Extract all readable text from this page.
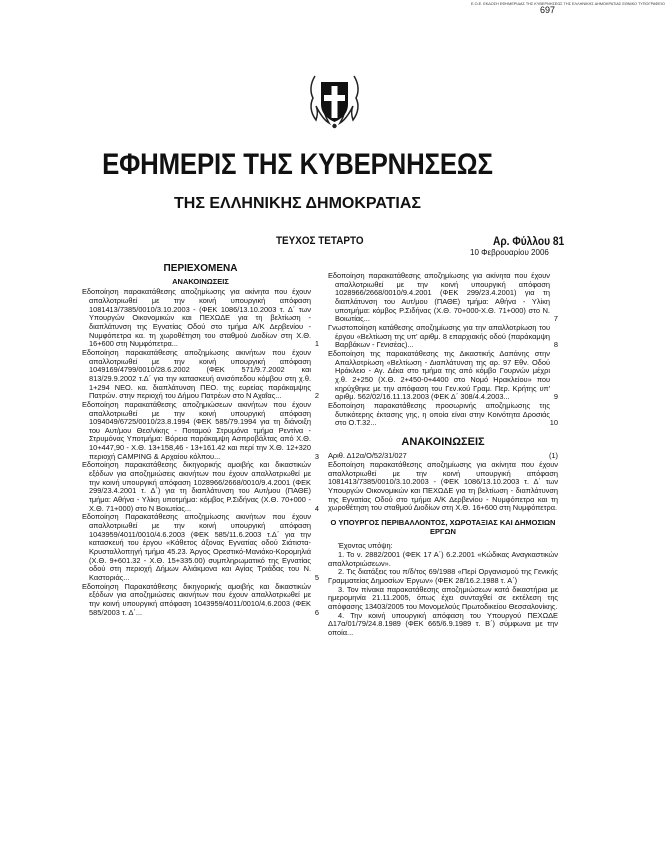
697
Ε.Ο.Ε. ΕΚΔΟΣΗ ΕΦΗΜΕΡΙΔΑΣ ΤΗΣ ΚΥΒΕΡΝΗΣΕΩΣ ΤΗΣ ΕΛΛΗΝΙΚΗΣ ΔΗΜΟΚΡΑΤΙΑΣ ΕΘΝΙΚΟ ΤΥΠΟΓΡΑΦΕΙΟ
ΕΦΗΜΕΡΙΣ ΤΗΣ ΚΥΒΕΡΝΗΣΕΩΣ
ΤΗΣ ΕΛΛΗΝΙΚΗΣ ΔΗΜΟΚΡΑΤΙΑΣ
ΤΕΥΧΟΣ ΤΕΤΑΡΤΟ	Αρ. Φύλλου 81
10 Φεβρουαρίου 2006
ΠΕΡΙΕΧΟΜΕΝΑ
ΑΝΑΚΟΙΝΩΣΕΙΣ

Εδοποίηση παρακατάθεσης αποζημίωσης για ακίνητα που έχουν απαλλοτριωθεί με την κοινή υπουργική απόφαση 1081413/7385/0010/3.10.2003 - (ΦΕΚ 1086/13.10.2003 τ. Δ΄ των Υπουργών Οικονομικών και ΠΕΧΩΔΕ για τη βελτίωση - διαπλάτυνση της Εγνατίας Οδού στο τμήμα Α/Κ Δερβενίου - Νυμφόπετρα κα. τη χωροθέτηση του σταθμού Διοδίων στη Χ.Θ. 16+600 στη Νυμφόπετρα...	1

Εδοποίηση παρακατάθεσης αποζημίωσης ακινήτων που έχουν απαλλοτριωθεί με την κοινή υπουργική απόφαση 1049169/4799/0010/28.6.2002 (ΦΕΚ 571/9.7.2002 και 813/29.9.2002 τ.Δ΄ για την κατασκευή ανισόπεδου κόμβου στη χ.θ. 1+294 ΝΕΟ. κα. διαπλάτυνση ΠΕΟ. της ευρείας παράκαμψης Πατρών. στην περιοχή του Δήμου Πατρέων στο Ν Αχαΐας...	2

Εδοποίηση παρακατάθεσης αποζημιώσεων ακινήτων που έχουν απαλλοτριωθεί με την κοινή υπουργική απόφαση 1094049/6725/0010/23.8.1994 (ΦΕΚ 585/79.1994 για τη διάνοιξη του Αυτ/μου Θεσ/νίκης - Ποταμού Στρυμόνα τμήμα Ρεντίνα - Στρυμόνας Υποτμήμα: Βόρεια παράκαμψη Ασπροβάλτας από Χ.Θ. 10+447,90 - Χ.Θ. 13+158,46 - 13+161.42 και περί την Χ.Θ. 12+320 περιοχή CAMPING & Αρχαίου κόλπου...	3

Εδοποίηση παρακατάθεσης δικηγορικής αμοιβής και δικαστικών εξόδων για αποζημιώσεις ακινήτων που έχουν απαλλοτριωθεί με την κοινή υπουργική απόφαση 1028966/2668/0010/9.4.2001 (ΦΕΚ 299/23.4.2001 τ. Δ΄) για τη διαπλάτυνση του Αυτ/μου (ΠΑΘΕ) τμήμα: Αθήνα - Υλίκη υποτμήμα: κόμβος Ρ.Σιδήνας (Χ.Θ. 70+000 - Χ.Θ. 71+000) στο Ν Βοιωτίας...	4

Εδοποίηση Παρακατάθεσης αποζημίωσης ακινήτων που έχουν απαλλοτριωθεί με την κοινή υπουργική απόφαση 1043959/4011/0010/4.6.2003 (ΦΕΚ 585/11.6.2003 τ.Δ΄ για την κατασκευή του έργου «Κάθετος άξονας Εγνατίας οδού Σιάτιστα-Κρυσταλλοπηγή τμήμα 45.23. Άργος Ορεστικό-Μανιάκο-Κορομηλιά (Χ.Θ. 9+601.32 - Χ.Θ. 15+335.00) συμπληρωματικό της Εγνατίας οδού στη περιοχή Δήμων Αλιάκμονα και Αγίας Τριάδας του Ν. Καστοριάς...	5

Εδοποίηση Παρακατάθεσης δικηγορικής αμοιβής και δικαστικών εξόδων για αποζημιώσεις ακινήτων που έχουν απαλλοτριωθεί με την κοινή υπουργική απόφαση 1043959/4011/0010/4.6.2003 (ΦΕΚ 585/2003 τ. Δ΄...	6

Εδοποίηση παρακατάθεσης αποζημίωσης για ακίνητα που έχουν απαλλοτριωθεί με την κοινή υπουργική απόφαση 1028966/2668/0010/9.4.2001 (ΦΕΚ 299/23.4.2001) για τη διαπλάτυνση του Αυτ/μου (ΠΑΘΕ) τμήμα: Αθήνα - Υλίκη υποτμήμα: κόμβος Ρ.Σιδήνας (Χ.Θ. 70+000-Χ.Θ. 71+000) στο Ν. Βοιωτίας...	7

Γνωστοποίηση κατάθεσης αποζημίωσης για την απαλλοτρίωση του έργου «Βελτίωση της υπ' αριθμ. 8 επαρχιακής οδού (παράκαμψη Βαρβάκων - Γενισέας)...	8

Εδοποίηση της παρακατάθεσης της Δικαστικής Δαπάνης στην Απαλλοτρίωση «Βελτίωση - Διαπλάτυνση της αρ. 97 Εθν. Οδού Ηράκλειο - Αγ. Δέκα στο τμήμα της από κόμβο Γουρνών μέχρι χ.θ. 2+250 (Χ.Θ. 2+450-0+4400 στο Νομό Ηρακλείου» που κηρύχθηκε με την απόφαση του Γεν.κού Γραμ. Περ. Κρήτης υπ' αριθμ. 562/02/16.11.13.2003 (ΦΕΚ Δ΄ 308/4.4.2003...	9

Εδοποίηση παρακατάθεσης προσωρινής αποζημίωσης της δυτικότερης έκτασης γης, η οποία είναι στην Κοινότητα Δροσιάς στο Ο.Τ.32...	10

ΑΝΑΚΟΙΝΩΣΕΙΣ
Αριθ. Δ12α/Ο/52/31/027	(1)

Εδοποίηση παρακατάθεσης αποζημίωσης για ακίνητα που έχουν απαλλοτριωθεί με την κοινή υπουργική απόφαση 1081413/7385/0010/3.10.2003 - (ΦΕΚ 1086/13.10.2003 τ. Δ΄ των Υπουργών Οικονομικών και ΠΕΧΩΔΕ για τη βελτίωση - διαπλάτυνση της Εγνατίας Οδού στο τμήμα Α/Κ Δερβενίου - Νυμφόπετρα και τη χωροθέτηση του σταθμού Διοδίων στη Χ.Θ. 16+600 στη Νυμφόπετρα.

Ο ΥΠΟΥΡΓΟΣ ΠΕΡΙΒΑΛΛΟΝΤΟΣ, ΧΩΡΟΤΑΞΙΑΣ ΚΑΙ ΔΗΜΟΣΙΩΝ ΕΡΓΩΝ

Έχοντας υπόψη:

1. Το ν. 2882/2001 (ΦΕΚ 17 Α΄) 6.2.2001 «Κώδικας Αναγκαστικών απαλλοτριώσεων».

2. Τις διατάξεις του π/δ/τος 69/1988 «Περί Οργανισμού της Γενικής Γραμματείας Δημοσίων Έργων» (ΦΕΚ 28/16.2.1988 τ. Α΄)

3. Τον πίνακα παρακατάθεσης αποζημιώσεων κατά δικαστήρια με ημερομηνία 21.11.2005, όπως έχει συνταχθεί σε εκτέλεση της απόφασης 13403/2005 του Μονομελούς Πρωτοδικείου Θεσσαλονίκης.

4. Την κοινή υπουργική απόφαση του Υπουργού ΠΕΧΩΔΕ Δ17α/01/79/24.8.1989 (ΦΕΚ 665/6.9.1989 τ. Β΄) σύμφωνα με την οποία...
